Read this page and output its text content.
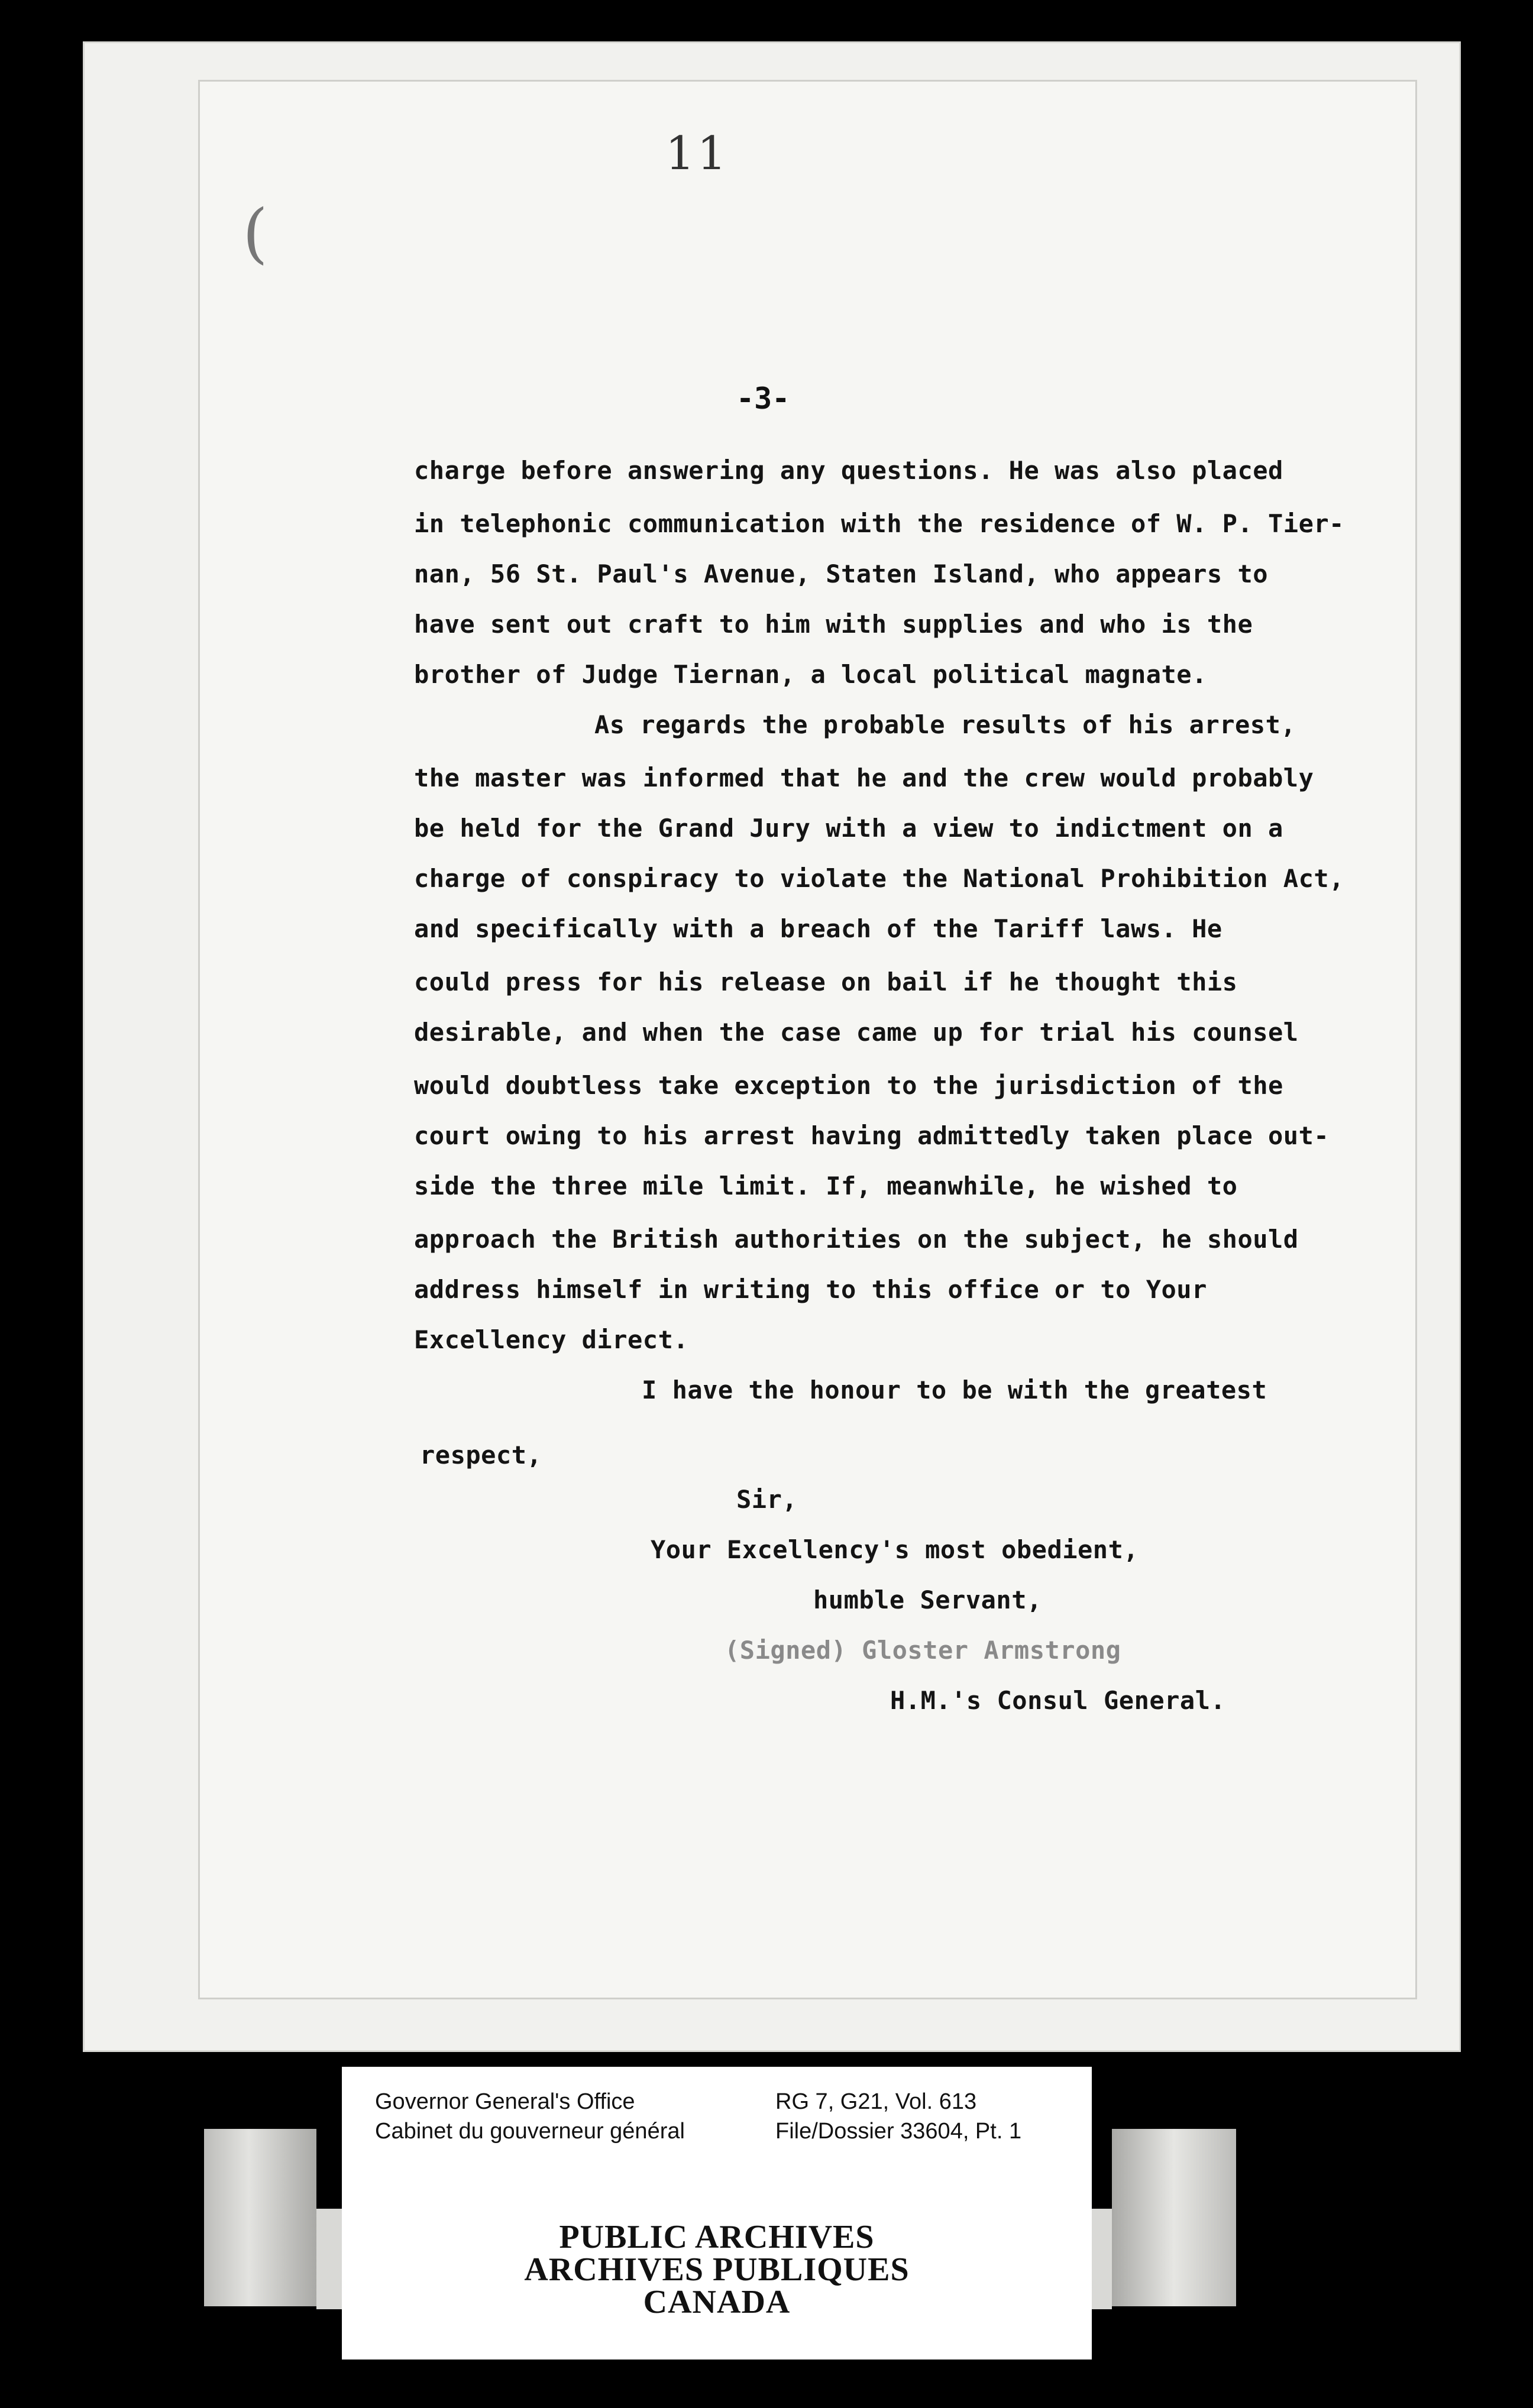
11
(
-3-
charge before answering any questions. He was also placed
in telephonic communication with the residence of W. P. Tier-
nan, 56 St. Paul's Avenue, Staten Island, who appears to
have sent out craft to him with supplies and who is the
brother of Judge Tiernan, a local political magnate.
As regards the probable results of his arrest,
the master was informed that he and the crew would probably
be held for the Grand Jury with a view to indictment on a
charge of conspiracy to violate the National Prohibition Act,
and specifically with a breach of the Tariff laws. He
could press for his release on bail if he thought this
desirable, and when the case came up for trial his counsel
would doubtless take exception to the jurisdiction of the
court owing to his arrest having admittedly taken place out-
side the three mile limit. If, meanwhile, he wished to
approach the British authorities on the subject, he should
address himself in writing to this office or to Your
Excellency direct.
I have the honour to be with the greatest
respect,
Sir,
Your Excellency's most obedient,
humble Servant,
(Signed) Gloster Armstrong
H.M.'s Consul General.
Governor General's Office
Cabinet du gouverneur général
RG 7, G21, Vol. 613
File/Dossier 33604, Pt. 1
PUBLIC ARCHIVES
ARCHIVES PUBLIQUES
CANADA
